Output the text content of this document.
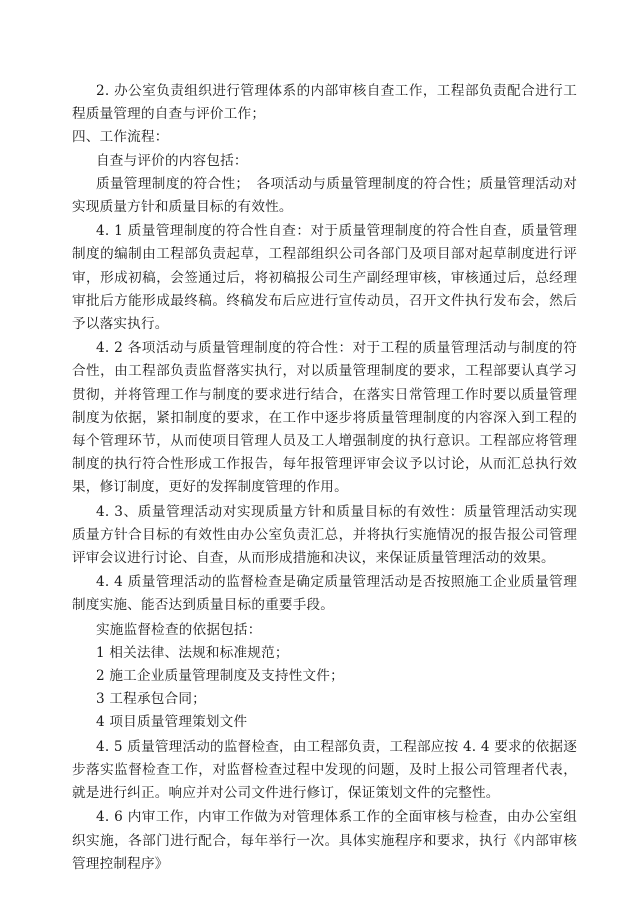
2. 办公室负责组织进行管理体系的内部审核自查工作，工程部负责配合进行工程质量管理的自查与评价工作；

四、工作流程：

自查与评价的内容包括：

质量管理制度的符合性；　各项活动与质量管理制度的符合性；质量管理活动对实现质量方针和质量目标的有效性。

4. 1 质量管理制度的符合性自查：对于质量管理制度的符合性自查，质量管理制度的编制由工程部负责起草，工程部组织公司各部门及项目部对起草制度进行评审，形成初稿，会签通过后，将初稿报公司生产副经理审核，审核通过后，总经理审批后方能形成最终稿。终稿发布后应进行宣传动员，召开文件执行发布会，然后予以落实执行。

4. 2 各项活动与质量管理制度的符合性：对于工程的质量管理活动与制度的符合性，由工程部负责监督落实执行，对以质量管理制度的要求，工程部要认真学习贯彻，并将管理工作与制度的要求进行结合，在落实日常管理工作时要以质量管理制度为依据，紧扣制度的要求，在工作中逐步将质量管理制度的内容深入到工程的每个管理环节，从而使项目管理人员及工人增强制度的执行意识。工程部应将管理制度的执行符合性形成工作报告，每年报管理评审会议予以讨论，从而汇总执行效果，修订制度，更好的发挥制度管理的作用。

4. 3、质量管理活动对实现质量方针和质量目标的有效性：质量管理活动实现质量方针合目标的有效性由办公室负责汇总，并将执行实施情况的报告报公司管理评审会议进行讨论、自查，从而形成措施和决议，来保证质量管理活动的效果。

4. 4 质量管理活动的监督检查是确定质量管理活动是否按照施工企业质量管理制度实施、能否达到质量目标的重要手段。

实施监督检查的依据包括：

1 相关法律、法规和标准规范；

2 施工企业质量管理制度及支持性文件；

3 工程承包合同；

4 项目质量管理策划文件

4. 5 质量管理活动的监督检查，由工程部负责，工程部应按 4. 4 要求的依据逐步落实监督检查工作，对监督检查过程中发现的问题，及时上报公司管理者代表，就是进行纠正。响应并对公司文件进行修订，保证策划文件的完整性。

4. 6 内审工作，内审工作做为对管理体系工作的全面审核与检查，由办公室组织实施，各部门进行配合，每年举行一次。具体实施程序和要求，执行《内部审核管理控制程序》
